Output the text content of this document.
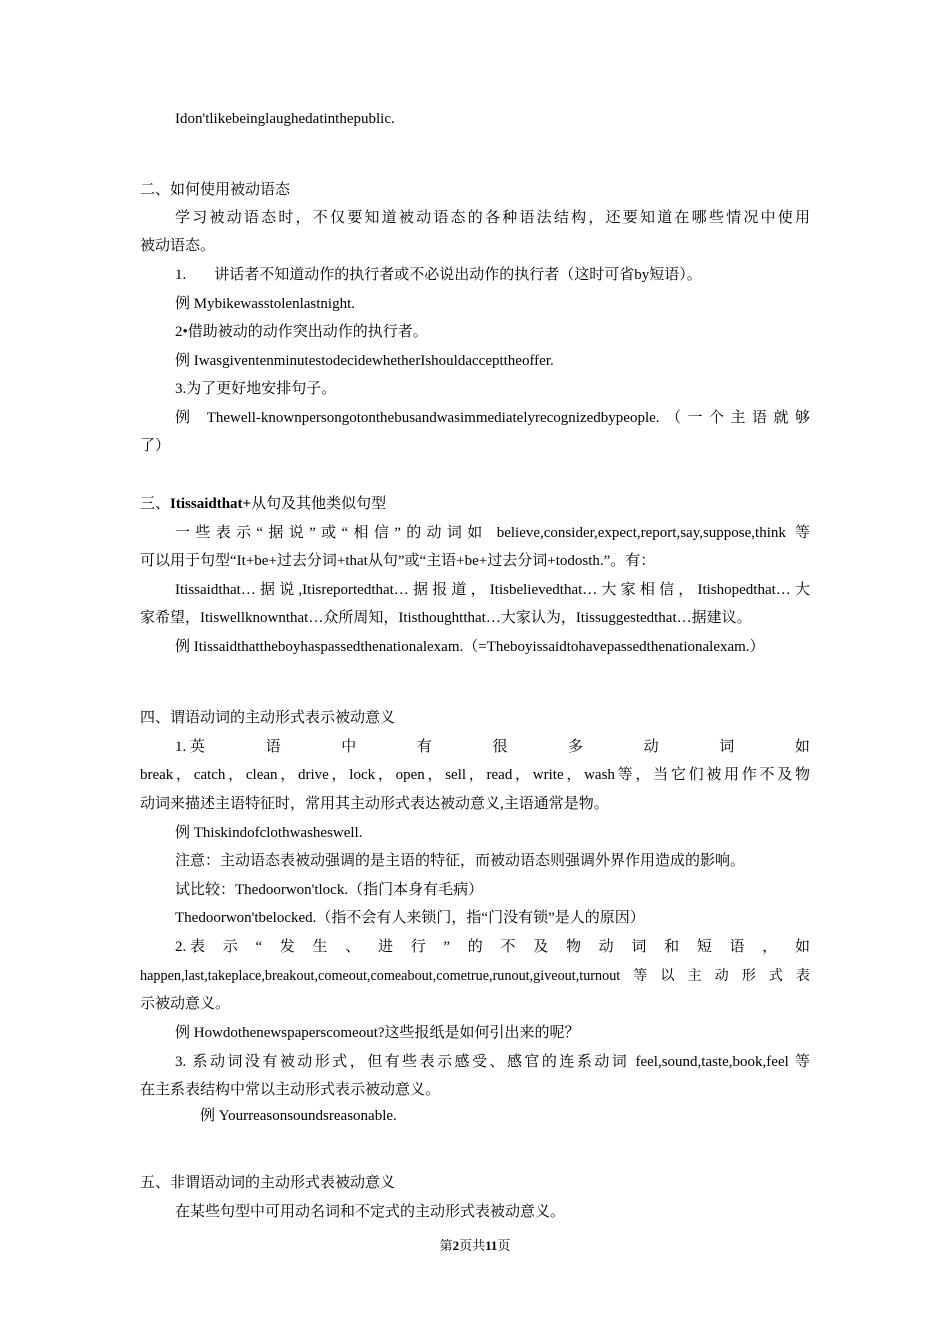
Idon'tlikebeinglaughedatinthepublic.
二、如何使用被动语态
学习被动语态时，不仅要知道被动语态的各种语法结构，还要知道在哪些情况中使用
被动语态。
1. 讲话者不知道动作的执行者或不必说出动作的执行者（这时可省by短语）。
例 Mybikewasstolenlastnight.
2•借助被动的动作突出动作的执行者。
例 IwasgiventenminutestodecidewhetherIshouldaccepttheoffer.
3.为了更好地安排句子。
例 Thewell-knownpersongotonthebusandwasimmediatelyrecognizedbypeople.（一个主语就够
了）
三、Itissaidthat+从句及其他类似句型
一些表示“据说”或“相信”的动词如 believe,consider,expect,report,say,suppose,think 等
可以用于句型“It+be+过去分词+that从句”或“主语+be+过去分词+todosth.”。有：
Itissaidthat…据说,Itisreportedthat…据报道，Itisbelievedthat…大家相信，Itishopedthat…大
家希望，Itiswellknownthat…众所周知，Itisthoughtthat…大家认为，Itissuggestedthat…据建议。
例 Itissaidthattheboyhaspassedthenationalexam.（=Theboyissaidtohavepassedthenationalexam.）
四、谓语动词的主动形式表示被动意义
1. 英	语	中	有	很	多	动	词	如
break，catch，clean，drive，lock，open，sell，read，write，wash等，当它们被用作不及物
动词来描述主语特征时，常用其主动形式表达被动意义,主语通常是物。
例 Thiskindofclothwasheswell.
注意：主动语态表被动强调的是主语的特征，而被动语态则强调外界作用造成的影响。
试比较：Thedoorwon'tlock.（指门本身有毛病）
Thedoorwon'tbelocked.（指不会有人来锁门，指“门没有锁”是人的原因）
2. 表 示 “ 发 生 、 进 行 ” 的 不 及 物 动 词 和 短 语 ， 如
happen,last,takeplace,breakout,comeout,comeabout,cometrue,runout,giveout,turnout等以主动形式表
示被动意义。
例 Howdothenewspaperscomeout?这些报纸是如何引出来的呢？
3. 系动词没有被动形式，但有些表示感受、感官的连系动词 feel,sound,taste,book,feel 等
在主系表结构中常以主动形式表示被动意义。
例 Yourreasonsoundsreasonable.
五、非谓语动词的主动形式表被动意义
在某些句型中可用动名词和不定式的主动形式表被动意义。
第2页共11页
